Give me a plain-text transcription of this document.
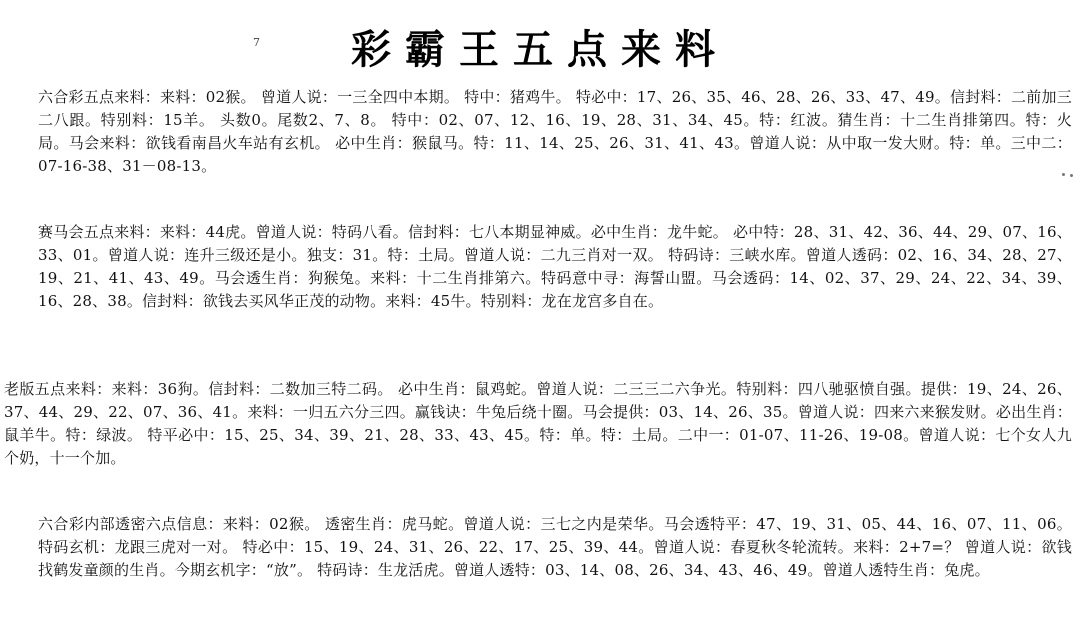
7	彩霸王五点来料

六合彩五点来料：来料：02猴。 曾道人说：一三全四中本期。 特中：猪鸡牛。 特必中：17、26、35、46、28、26、33、47、49。信封料：二前加三二八跟。特别料：15羊。 头数0。尾数2、7、8。 特中：02、07、12、16、19、28、31、34、45。特：红波。猜生肖：十二生肖排第四。特：火局。马会来料：欲钱看南昌火车站有玄机。 必中生肖：猴鼠马。特：11、14、25、26、31、41、43。曾道人说：从中取一发大财。特：单。三中二：07-16-38、31－08-13。

赛马会五点来料：来料：44虎。曾道人说：特码八看。信封料：七八本期显神威。必中生肖：龙牛蛇。 必中特：28、31、42、36、44、29、07、16、33、01。曾道人说：连升三级还是小。独支：31。特：土局。曾道人说：二九三肖对一双。 特码诗：三峡水库。曾道人透码：02、16、34、28、27、19、21、41、43、49。马会透生肖：狗猴兔。来料：十二生肖排第六。特码意中寻：海誓山盟。马会透码：14、02、37、29、24、22、34、39、16、28、38。信封料：欲钱去买风华正茂的动物。来料：45牛。特别料：龙在龙宫多自在。

老版五点来料：来料：36狗。信封料：二数加三特二码。 必中生肖：鼠鸡蛇。曾道人说：二三三二六争光。特别料：四八驰驱愤自强。提供：19、24、26、37、44、29、22、07、36、41。来料：一归五六分三四。赢钱诀：牛兔后绕十圈。马会提供：03、14、26、35。曾道人说：四来六来猴发财。必出生肖：鼠羊牛。特：绿波。 特平必中：15、25、34、39、21、28、33、43、45。特：单。特：土局。二中一：01-07、11-26、19-08。曾道人说：七个女人九个奶，十一个加。

六合彩内部透密六点信息：来料：02猴。 透密生肖：虎马蛇。曾道人说：三七之内是荣华。马会透特平：47、19、31、05、44、16、07、11、06。特码玄机：龙跟三虎对一对。 特必中：15、19、24、31、26、22、17、25、39、44。曾道人说：春夏秋冬轮流转。来料：2+7=？ 曾道人说：欲钱找鹤发童颜的生肖。今期玄机字：“放”。 特码诗：生龙活虎。曾道人透特：03、14、08、26、34、43、46、49。曾道人透特生肖：兔虎。
